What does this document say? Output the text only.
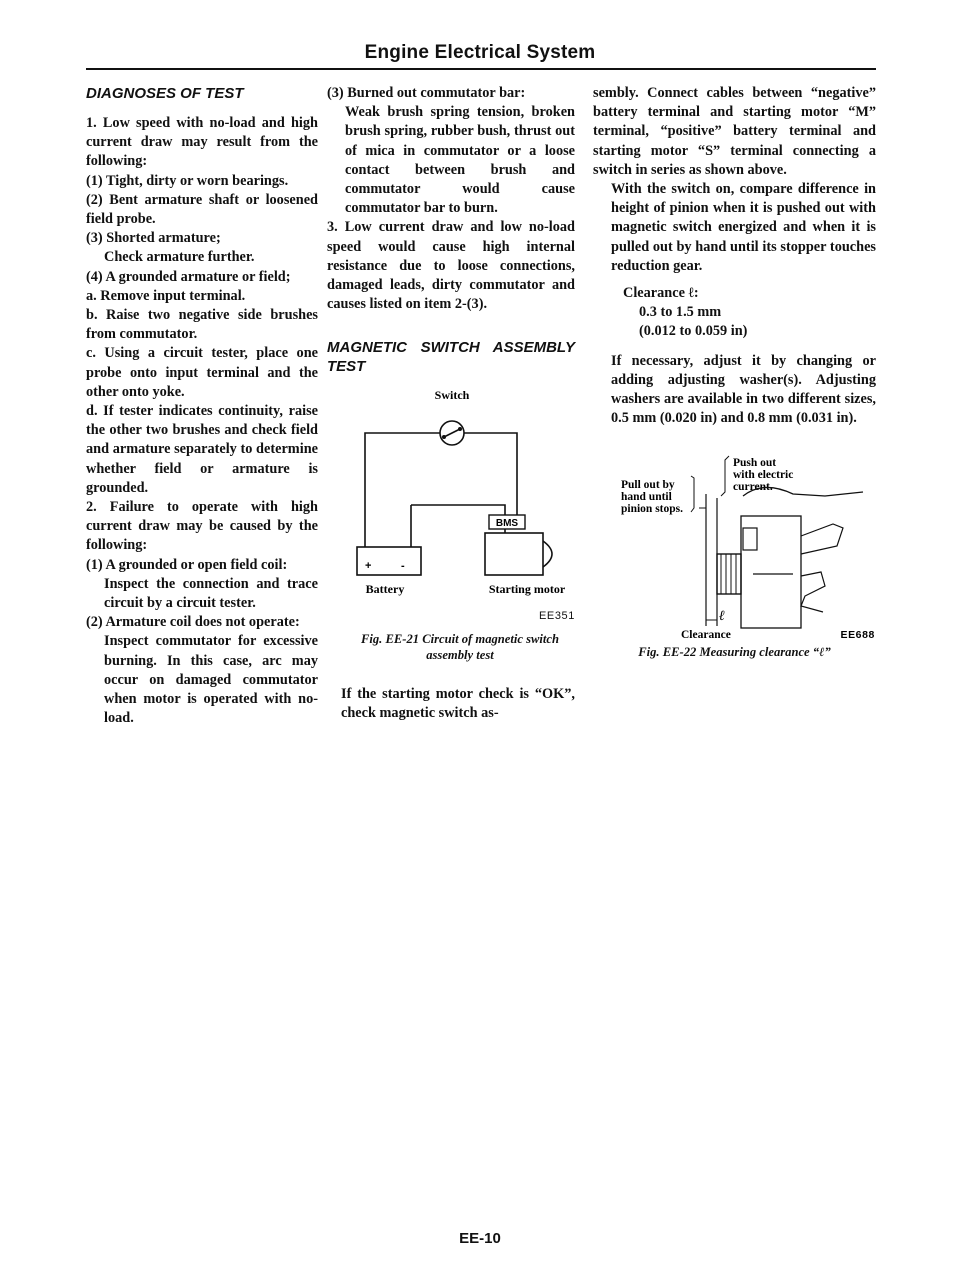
Engine Electrical System

DIAGNOSES OF TEST

1. Low speed with no-load and high current draw may result from the following:

(1) Tight, dirty or worn bearings.

(2) Bent armature shaft or loosened field probe.

(3) Shorted armature;

Check armature further.

(4) A grounded armature or field;

a. Remove input terminal.

b. Raise two negative side brushes from commutator.

c. Using a circuit tester, place one probe onto input terminal and the other onto yoke.

d. If tester indicates continuity, raise the other two brushes and check field and armature separately to determine whether field or armature is grounded.

2. Failure to operate with high current draw may be caused by the following:

(1) A grounded or open field coil:

Inspect the connection and trace circuit by a circuit tester.

(2) Armature coil does not operate:

Inspect commutator for excessive burning. In this case, arc may occur on damaged commutator when motor is operated with no-load.

(3) Burned out commutator bar:

Weak brush spring tension, broken brush spring, rubber bush, thrust out of mica in commutator or a loose contact between brush and commutator would cause commutator bar to burn.

3. Low current draw and low no-load speed would cause high internal resistance due to loose connections, damaged leads, dirty commutator and causes listed on item 2-(3).

MAGNETIC SWITCH ASSEMBLY TEST

Switch
+	-
BMS
Battery	Starting motor

EE351

Fig. EE-21 Circuit of magnetic switch assembly test

If the starting motor check is “OK”, check magnetic switch as-

sembly. Connect cables between “negative” battery terminal and starting motor “M” terminal, “positive” battery terminal and starting motor “S” terminal connecting a switch in series as shown above.

With the switch on, compare difference in height of pinion when it is pushed out with magnetic switch energized and when it is pulled out by hand until its stopper touches reduction gear.

Clearance ℓ:

0.3 to 1.5 mm

(0.012 to 0.059 in)

If necessary, adjust it by changing or adding adjusting washer(s). Adjusting washers are available in two different sizes, 0.5 mm (0.020 in) and 0.8 mm (0.031 in).

Pull out by
hand until
pinion stops.
Push out
with electric
current.
ℓ
Clearance	EE688

Fig. EE-22 Measuring clearance “ℓ”

EE-10
